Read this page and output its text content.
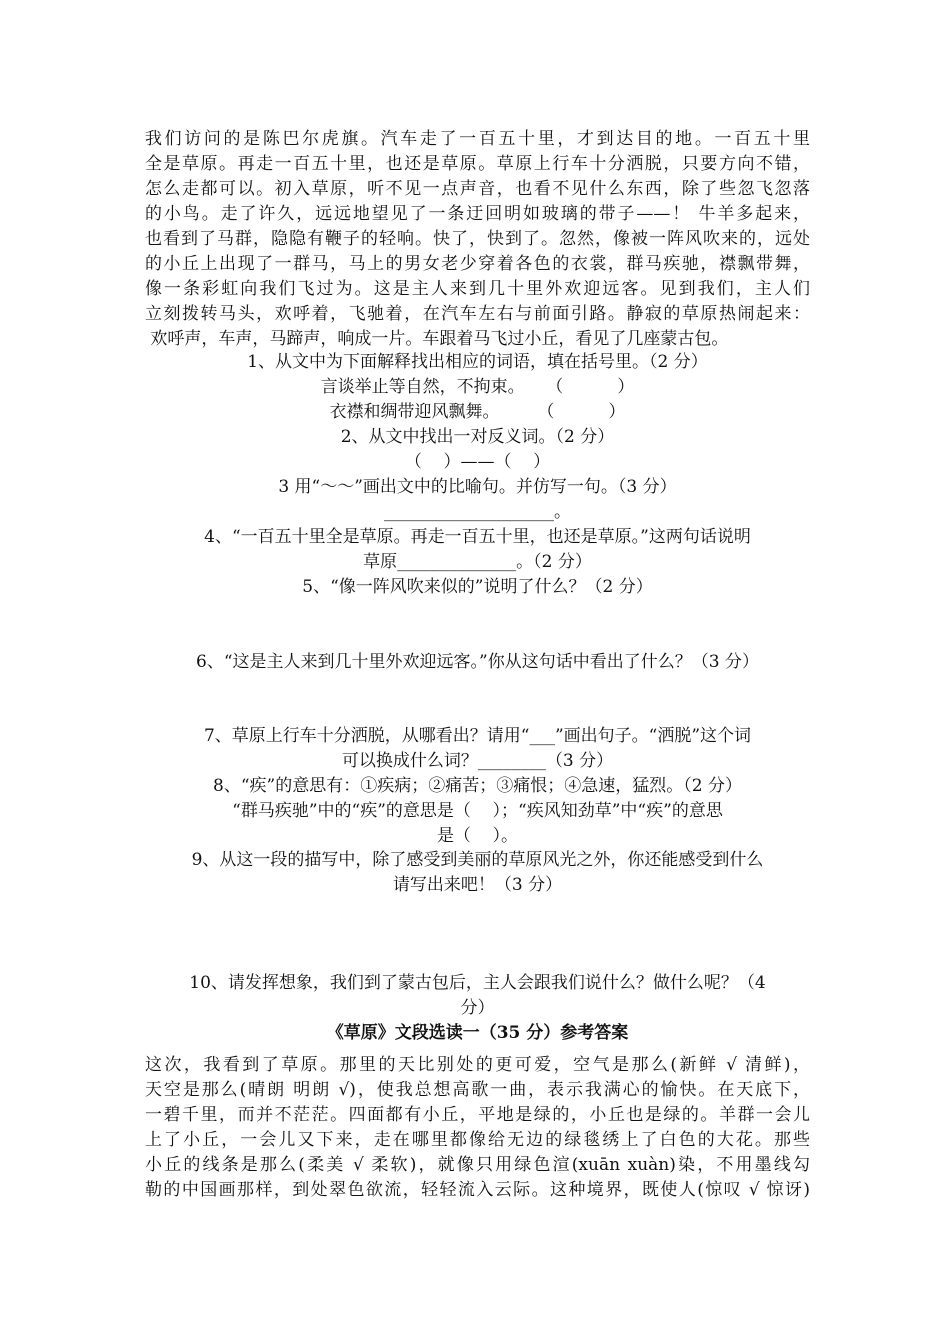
我们访问的是陈巴尔虎旗。汽车走了一百五十里，才到达目的地。一百五十里
全是草原。再走一百五十里，也还是草原。草原上行车十分洒脱，只要方向不错，
怎么走都可以。初入草原，听不见一点声音，也看不见什么东西，除了些忽飞忽落
的小鸟。走了许久，远远地望见了一条迂回明如玻璃的带子——！ 牛羊多起来，
也看到了马群，隐隐有鞭子的轻响。快了，快到了。忽然，像被一阵风吹来的，远处
的小丘上出现了一群马，马上的男女老少穿着各色的衣裳，群马疾驰，襟飘带舞，
像一条彩虹向我们飞过为。这是主人来到几十里外欢迎远客。见到我们，主人们
立刻拨转马头，欢呼着，飞驰着，在汽车左右与前面引路。静寂的草原热闹起来：
欢呼声，车声，马蹄声，响成一片。车跟着马飞过小丘，看见了几座蒙古包。
1、从文中为下面解释找出相应的词语，填在括号里。（2 分）
言谈举止等自然，不拘束。    （          ）
衣襟和绸带迎风飘舞。       （          ）
2、从文中找出一对反义词。（2 分）
（    ）——（    ）
3 用“～～”画出文中的比喻句。并仿写一句。（3 分）
____________________。
4、“一百五十里全是草原。再走一百五十里，也还是草原。”这两句话说明
草原______________。（2 分）
5、“像一阵风吹来似的”说明了什么？（2 分）
6、“这是主人来到几十里外欢迎远客。”你从这句话中看出了什么？（3 分）
7、草原上行车十分洒脱，从哪看出？请用“___”画出句子。“洒脱”这个词
可以换成什么词？________（3 分）
8、“疾”的意思有：①疾病；②痛苦；③痛恨；④急速，猛烈。（2 分）
“群马疾驰”中的“疾”的意思是（    ）；“疾风知劲草”中“疾”的意思
是（    ）。
9、从这一段的描写中，除了感受到美丽的草原风光之外，你还能感受到什么
请写出来吧！（3 分）
10、请发挥想象，我们到了蒙古包后，主人会跟我们说什么？做什么呢？（4
分）
《草原》文段选读一（35 分）参考答案
这次，我看到了草原。那里的天比别处的更可爱，空气是那么(新鲜 √ 清鲜)，
天空是那么(晴朗 明朗 √)，使我总想高歌一曲，表示我满心的愉快。在天底下，
一碧千里，而并不茫茫。四面都有小丘，平地是绿的，小丘也是绿的。羊群一会儿
上了小丘，一会儿又下来，走在哪里都像给无边的绿毯绣上了白色的大花。那些
小丘的线条是那么(柔美 √ 柔软)，就像只用绿色渲(xuān xuàn)染，不用墨线勾
勒的中国画那样，到处翠色欲流，轻轻流入云际。这种境界，既使人(惊叹 √ 惊讶)
